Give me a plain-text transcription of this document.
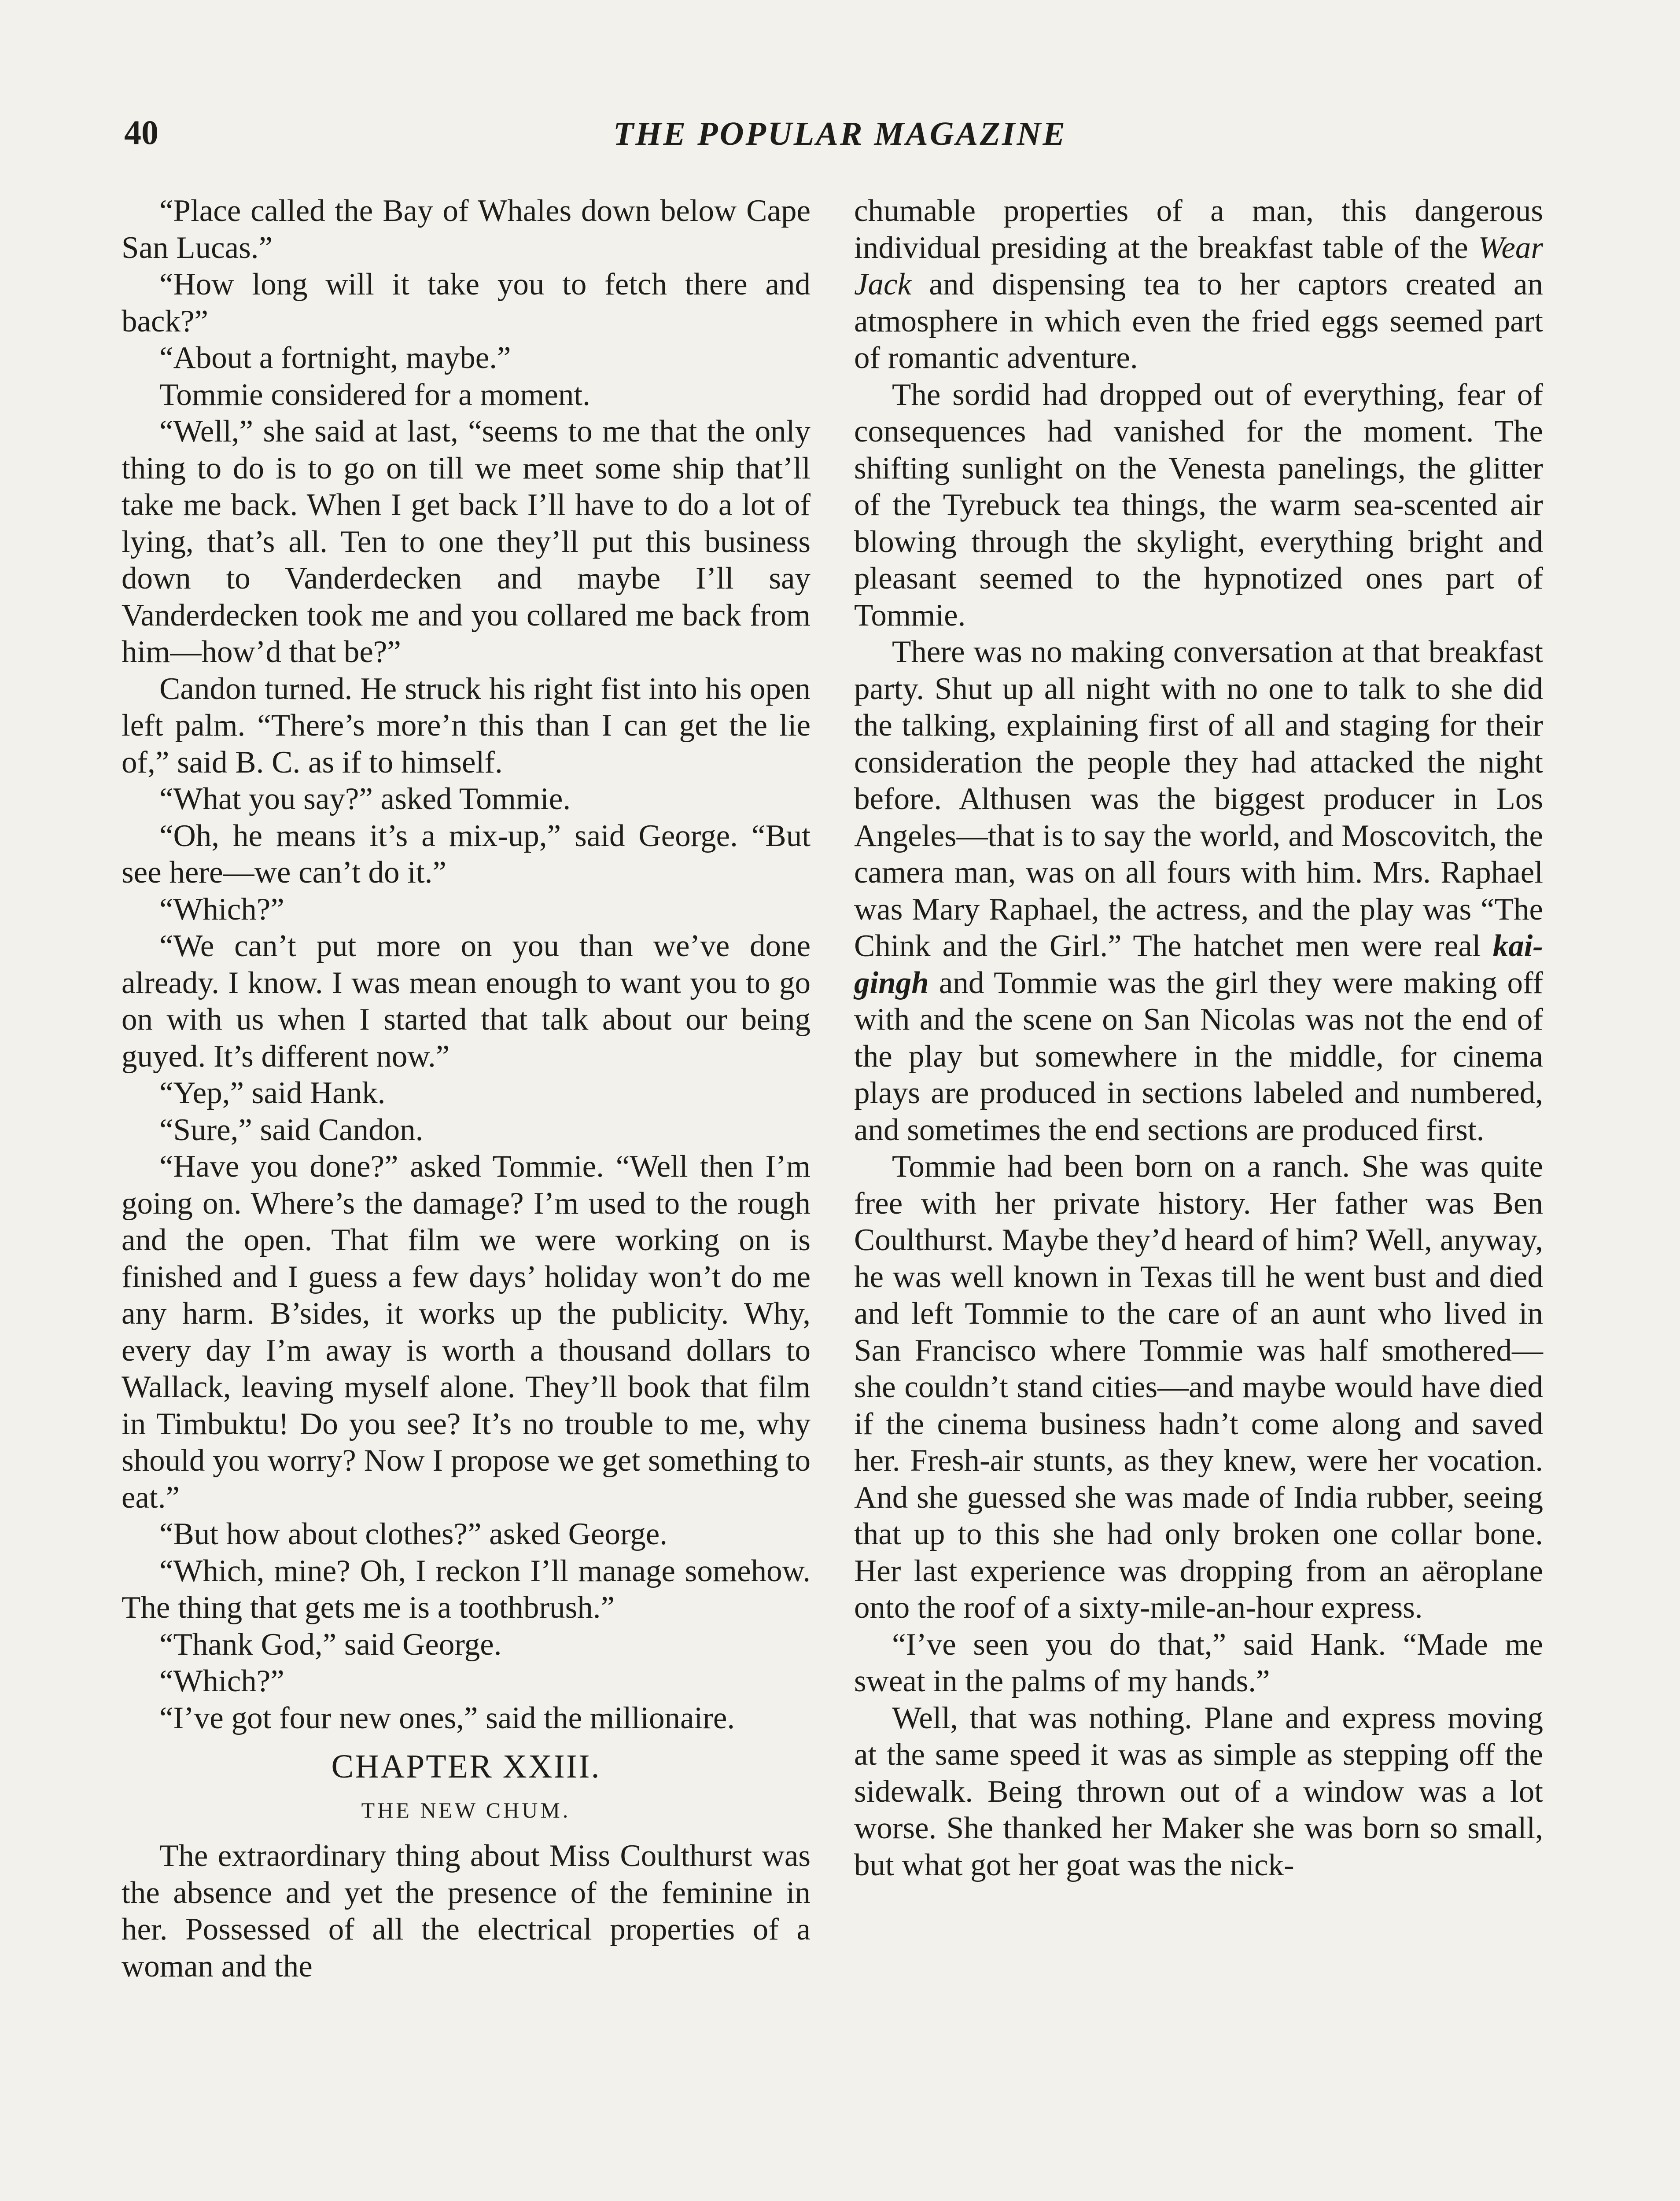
40	THE POPULAR MAGAZINE

“Place called the Bay of Whales down below Cape San Lucas.”

“How long will it take you to fetch there and back?”

“About a fortnight, maybe.”

Tommie considered for a moment.

“Well,” she said at last, “seems to me that the only thing to do is to go on till we meet some ship that’ll take me back. When I get back I’ll have to do a lot of lying, that’s all. Ten to one they’ll put this business down to Vanderdecken and maybe I’ll say Vanderdecken took me and you collared me back from him—how’d that be?”

Candon turned. He struck his right fist into his open left palm. “There’s more’n this than I can get the lie of,” said B. C. as if to himself.

“What you say?” asked Tommie.

“Oh, he means it’s a mix-up,” said George. “But see here—we can’t do it.”

“Which?”

“We can’t put more on you than we’ve done already. I know. I was mean enough to want you to go on with us when I started that talk about our being guyed. It’s different now.”

“Yep,” said Hank.

“Sure,” said Candon.

“Have you done?” asked Tommie. “Well then I’m going on. Where’s the damage? I’m used to the rough and the open. That film we were working on is finished and I guess a few days’ holiday won’t do me any harm. B’sides, it works up the publicity. Why, every day I’m away is worth a thousand dollars to Wallack, leaving myself alone. They’ll book that film in Timbuktu! Do you see? It’s no trouble to me, why should you worry? Now I propose we get something to eat.”

“But how about clothes?” asked George.

“Which, mine? Oh, I reckon I’ll manage somehow. The thing that gets me is a toothbrush.”

“Thank God,” said George.

“Which?”

“I’ve got four new ones,” said the millionaire.

CHAPTER XXIII.
THE NEW CHUM.

The extraordinary thing about Miss Coulthurst was the absence and yet the presence of the feminine in her. Possessed of all the electrical properties of a woman and the

chumable properties of a man, this dangerous individual presiding at the breakfast table of the Wear Jack and dispensing tea to her captors created an atmosphere in which even the fried eggs seemed part of romantic adventure.

The sordid had dropped out of everything, fear of consequences had vanished for the moment. The shifting sunlight on the Venesta panelings, the glitter of the Tyrebuck tea things, the warm sea-scented air blowing through the skylight, everything bright and pleasant seemed to the hypnotized ones part of Tommie.

There was no making conversation at that breakfast party. Shut up all night with no one to talk to she did the talking, explaining first of all and staging for their consideration the people they had attacked the night before. Althusen was the biggest producer in Los Angeles—that is to say the world, and Moscovitch, the camera man, was on all fours with him. Mrs. Raphael was Mary Raphael, the actress, and the play was “The Chink and the Girl.” The hatchet men were real kai-gingh and Tommie was the girl they were making off with and the scene on San Nicolas was not the end of the play but somewhere in the middle, for cinema plays are produced in sections labeled and numbered, and sometimes the end sections are produced first.

Tommie had been born on a ranch. She was quite free with her private history. Her father was Ben Coulthurst. Maybe they’d heard of him? Well, anyway, he was well known in Texas till he went bust and died and left Tommie to the care of an aunt who lived in San Francisco where Tommie was half smothered—she couldn’t stand cities—and maybe would have died if the cinema business hadn’t come along and saved her. Fresh-air stunts, as they knew, were her vocation. And she guessed she was made of India rubber, seeing that up to this she had only broken one collar bone. Her last experience was dropping from an aëroplane onto the roof of a sixty-mile-an-hour express.

“I’ve seen you do that,” said Hank. “Made me sweat in the palms of my hands.”

Well, that was nothing. Plane and express moving at the same speed it was as simple as stepping off the sidewalk. Being thrown out of a window was a lot worse. She thanked her Maker she was born so small, but what got her goat was the nick-
